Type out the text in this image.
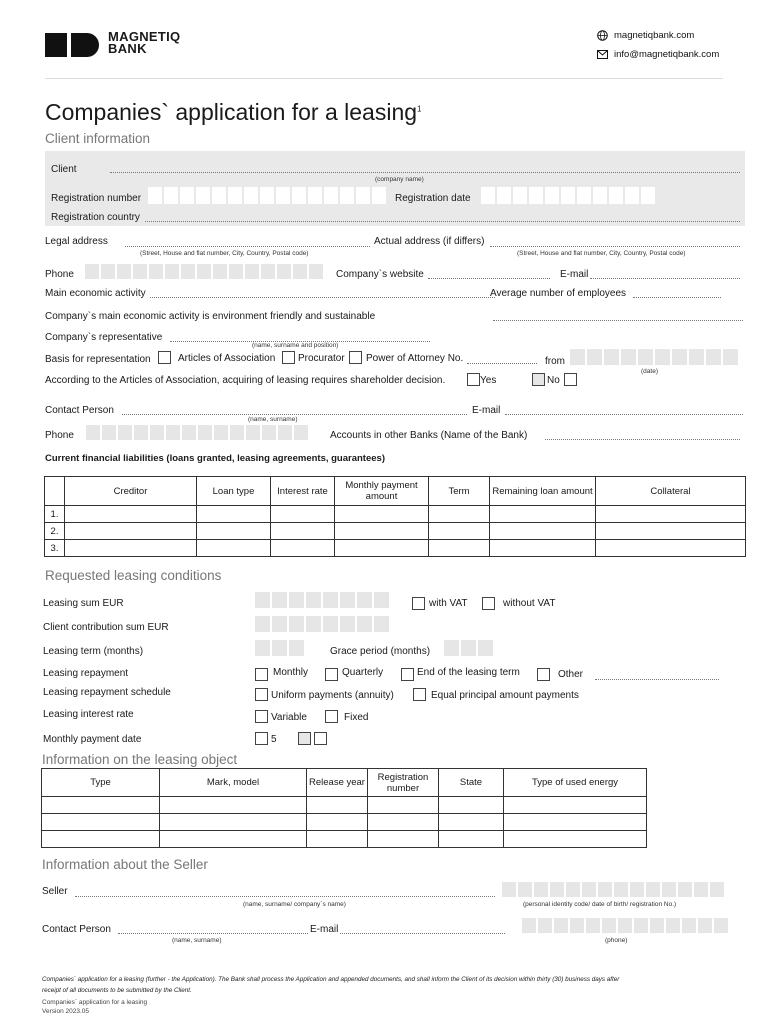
MAGNETIQ
BANK
magnetiqbank.com
info@magnetiqbank.com
Companies` application for a leasing$^1$
Client information
Client
(company name)
Registration number	Registration date
Registration country
Legal address
(Street, House and flat number, City, Country, Postal code)
Actual address (if differs)
(Street, House and flat number, City, Country, Postal code)
Phone	Company`s website	E-mail
Main economic activity	Average number of employees
Company`s main economic activity is environment friendly and sustainable
Company`s representative
(name, surname and position)
Basis for representation	Articles of Association Procurator Power of Attorney No.	from
(date)
According to the Articles of Association, acquiring of leasing requires shareholder decision.	Yes	No
Contact Person
(name, surname)
E-mail
Phone	Accounts in other Banks (Name of the Bank)
Current financial liabilities (loans granted, leasing agreements, guarantees)
	Creditor	Loan type	Interest rate	Monthly payment amount	Term	Remaining loan amount	Collateral
1.							
2.							
3.							
Requested leasing conditions
Leasing sum EUR	with VAT	without VAT
Client contribution sum EUR
Leasing term (months)	Grace period (months)
Leasing repayment	Monthly	Quarterly	End of the leasing term	Other
Leasing repayment schedule	Uniform payments (annuity)	Equal principal amount payments
Leasing interest rate	Variable	Fixed
Monthly payment date	5
Information on the leasing object
Type	Mark, model	Release year	Registration number	State	Type of used energy

Information about the Seller
Seller
(name, surname/ company`s name)	(personal identity code/ date of birth/ registration No.)
Contact Person
(name, surname)
E-mail
(phone)
Companies` application for a leasing (further - the Application). The Bank shall process the Application and appended documents, and shall inform the Client of its decision within thirty (30) business days after
receipt of all documents to be submitted by the Client.
Companies` application for a leasing
Version 2023.05
